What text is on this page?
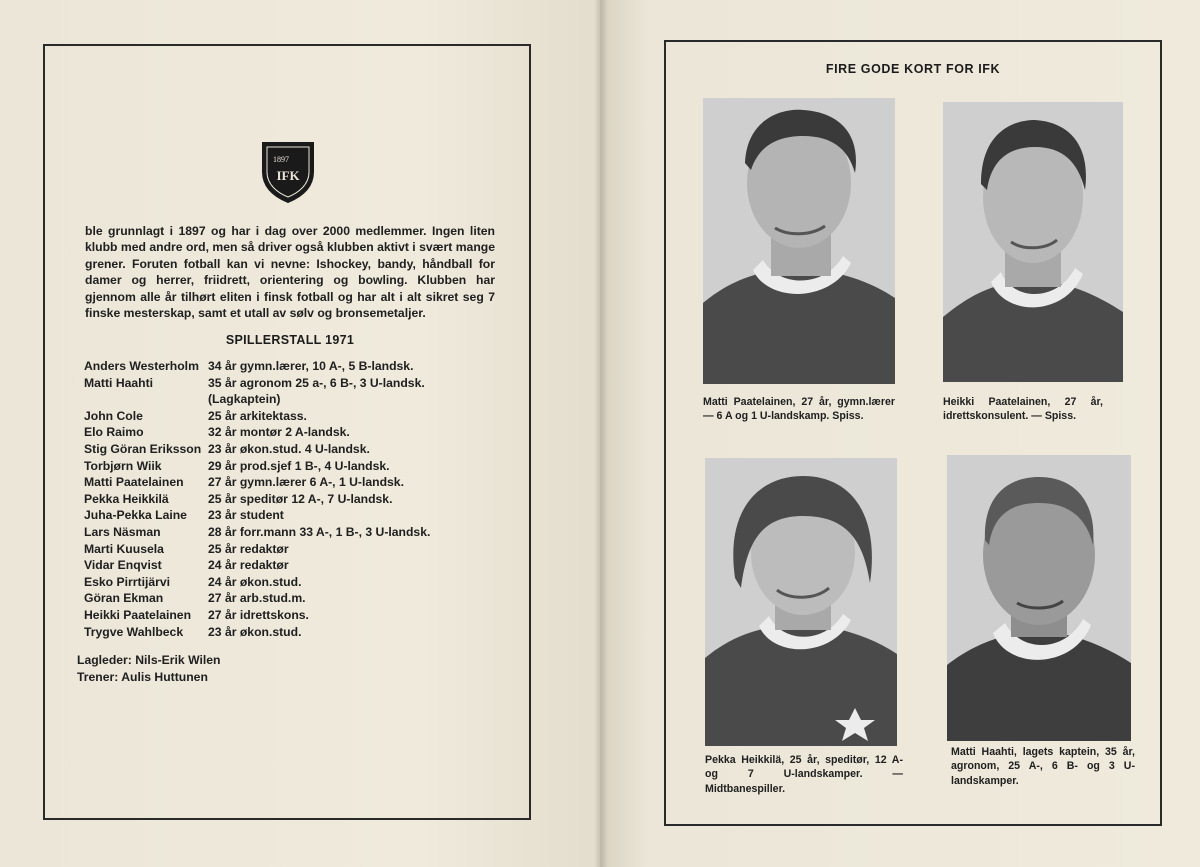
1897
IFK

ble grunnlagt i 1897 og har i dag over 2000 medlemmer. Ingen liten klubb med andre ord, men så driver også klubben aktivt i svært mange grener. Foruten fotball kan vi nevne: Ishockey, bandy, håndball for damer og herrer, friidrett, orientering og bowling. Klubben har gjennom alle år tilhørt eliten i finsk fotball og har alt i alt sikret seg 7 finske mesterskap, samt et utall av sølv og bronsemetaljer.

SPILLERSTALL 1971
Anders Westerholm 34 år gymn.lærer, 10 A-, 5 B-landsk.
Matti Haahti	35 år agronom 25 a-, 6 B-, 3 U-landsk.
(Lagkaptein)
John Cole	25 år arkitektass.
Elo Raimo	32 år montør 2 A-landsk.
Stig Göran Eriksson 23 år økon.stud. 4 U-landsk.
Torbjørn Wiik	29 år prod.sjef 1 B-, 4 U-landsk.
Matti Paatelainen	27 år gymn.lærer 6 A-, 1 U-landsk.
Pekka Heikkilä	25 år speditør 12 A-, 7 U-landsk.
Juha-Pekka Laine	23 år student
Lars Näsman	28 år forr.mann 33 A-, 1 B-, 3 U-landsk.
Marti Kuusela	25 år redaktør
Vidar Enqvist	24 år redaktør
Esko Pirrtijärvi	24 år økon.stud.
Göran Ekman	27 år arb.stud.m.
Heikki Paatelainen	27 år idrettskons.
Trygve Wahlbeck	23 år økon.stud.
Lagleder: Nils-Erik Wilen
Trener: Aulis Huttunen
FIRE GODE KORT FOR IFK
Matti Paatelainen, 27 år, gymn.lærer — 6 A og 1 U-landskamp. Spiss.
Heikki Paatelainen, 27 år, idrettskonsulent. — Spiss.
Pekka Heikkilä, 25 år, speditør, 12 A- og 7 U-landskamper. — Midtbanespiller.
Matti Haahti, lagets kaptein, 35 år, agronom, 25 A-, 6 B- og 3 U-landskamper.
